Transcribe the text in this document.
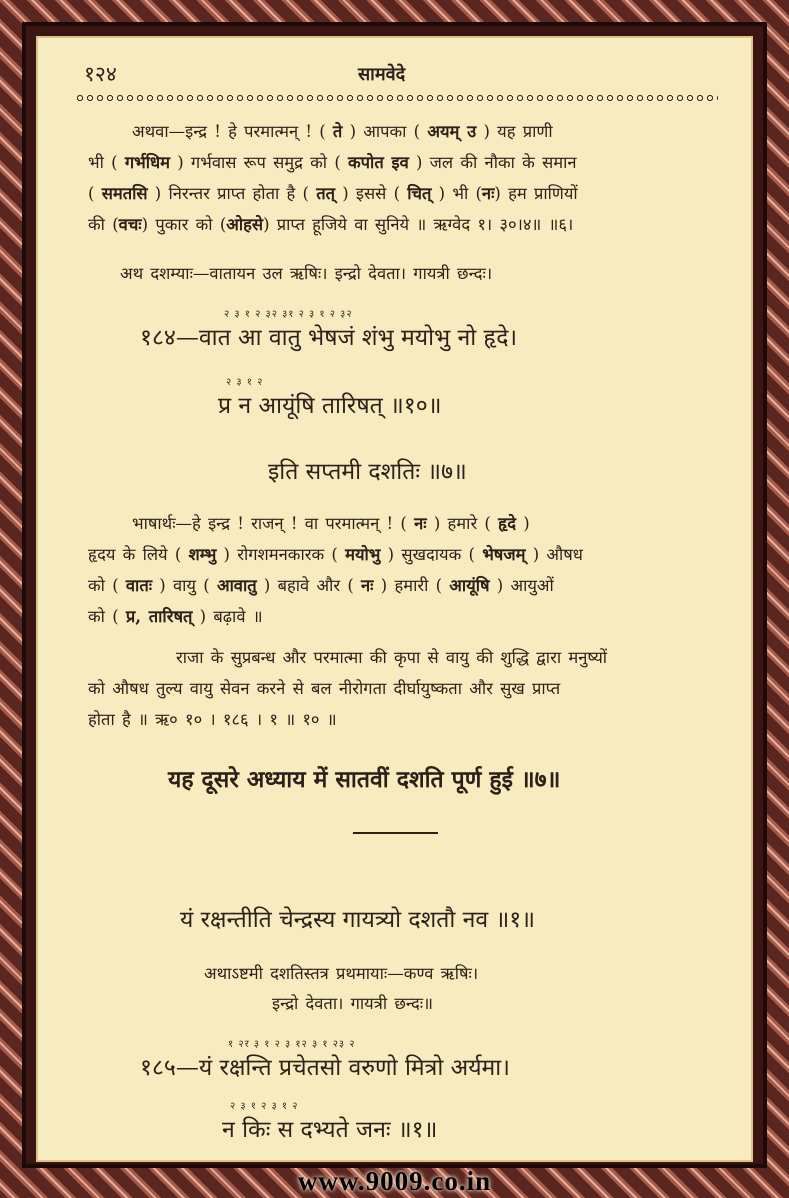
१२४	सामवेदे
अथवा—इन्द्र ! हे परमात्मन् ! ( ते ) आपका ( अयम् उ ) यह प्राणी
भी ( गर्भधिम ) गर्भवास रूप समुद्र को ( कपोत इव ) जल की नौका के समान
( समतसि ) निरन्तर प्राप्त होता है ( तत् ) इससे ( चित् ) भी (नः) हम प्राणियों
की (वचः) पुकार को (ओहसे) प्राप्त हूजिये वा सुनिये ॥ ऋग्वेद १। ३०।४॥ ॥६।
अथ दशम्याः—वातायन उल ऋषिः। इन्द्रो देवता। गायत्री छन्दः।
२ ३ १ २ ३२ ३१ २ ३ १ २ ३२
१८४—वात आ वातु भेषजं शंभु मयोभु नो हृदे।
२ ३ १ २
प्र न आयूंषि तारिषत् ॥१०॥
इति सप्तमी दशतिः ॥७॥
भाषार्थः—हे इन्द्र ! राजन् ! वा परमात्मन् ! ( नः ) हमारे ( हृदे )
हृदय के लिये ( शम्भु ) रोगशमनकारक ( मयोभु ) सुखदायक ( भेषजम् ) औषध
को ( वातः ) वायु ( आवातु ) बहावे और ( नः ) हमारी ( आयूंषि ) आयुओं
को ( प्र, तारिषत् ) बढ़ावे ॥
राजा के सुप्रबन्ध और परमात्मा की कृपा से वायु की शुद्धि द्वारा मनुष्यों
को औषध तुल्य वायु सेवन करने से बल नीरोगता दीर्घायुष्कता और सुख प्राप्त
होता है ॥ ऋ० १० । १८६ । १ ॥ १० ॥
यह दूसरे अध्याय में सातवीं दशति पूर्ण हुई ॥७॥
यं रक्षन्तीति चेन्द्रस्य गायत्र्यो दशतौ नव ॥१॥
अथाऽष्टमी दशतिस्तत्र प्रथमायाः—कण्व ऋषिः।
इन्द्रो देवता। गायत्री छन्दः॥
१ २र ३ १ २ ३ १२ ३ १ २३ २
१८५—यं रक्षन्ति प्रचेतसो वरुणो मित्रो अर्यमा।
२ ३ १ २ ३ १ २
न किः स दभ्यते जनः ॥१॥
www.9009.co.in
